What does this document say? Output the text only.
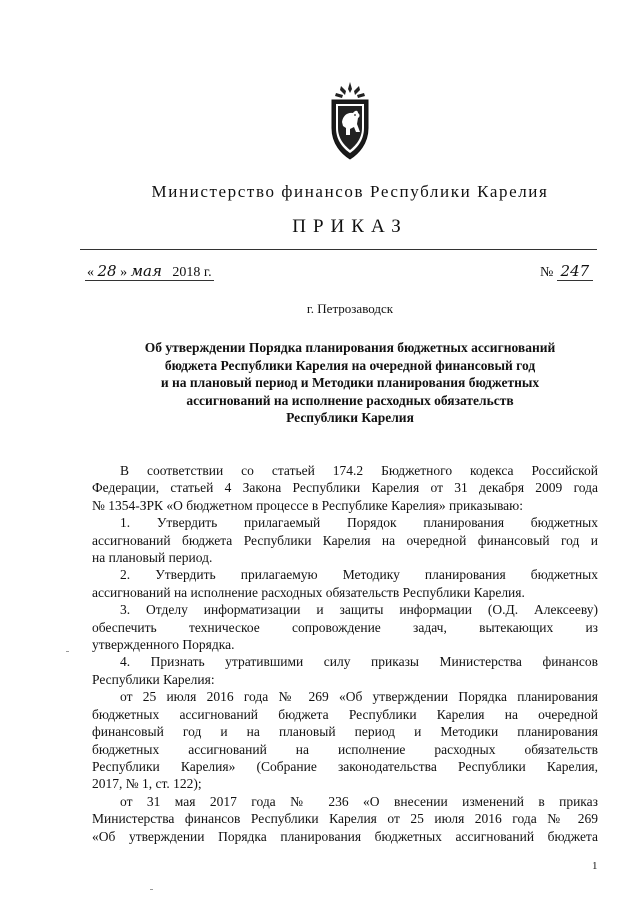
Министерство финансов Республики Карелия
ПРИКАЗ
« 28 » мая 2018 г.	№ 247
г. Петрозаводск
Об утверждении Порядка планирования бюджетных ассигнований
бюджета Республики Карелия на очередной финансовый год
и на плановый период и Методики планирования бюджетных
ассигнований на исполнение расходных обязательств
Республики Карелия

В соответствии со статьей 174.2 Бюджетного кодекса Российской

Федерации, статьей 4 Закона Республики Карелия от 31 декабря 2009 года

№ 1354-ЗРК «О бюджетном процессе в Республике Карелия» приказываю:

1. Утвердить прилагаемый Порядок планирования бюджетных

ассигнований бюджета Республики Карелия на очередной финансовый год и

на плановый период.

2. Утвердить прилагаемую Методику планирования бюджетных

ассигнований на исполнение расходных обязательств Республики Карелия.

3. Отделу информатизации и защиты информации (О.Д. Алексееву)

обеспечить техническое сопровождение задач, вытекающих из

утвержденного Порядка.

4. Признать утратившими силу приказы Министерства финансов

Республики Карелия:

от 25 июля 2016 года № 269 «Об утверждении Порядка планирования

бюджетных ассигнований бюджета Республики Карелия на очередной

финансовый год и на плановый период и Методики планирования

бюджетных ассигнований на исполнение расходных обязательств

Республики Карелия» (Собрание законодательства Республики Карелия,

2017, № 1, ст. 122);

от 31 мая 2017 года № 236 «О внесении изменений в приказ

Министерства финансов Республики Карелия от 25 июля 2016 года № 269

«Об утверждении Порядка планирования бюджетных ассигнований бюджета

1
